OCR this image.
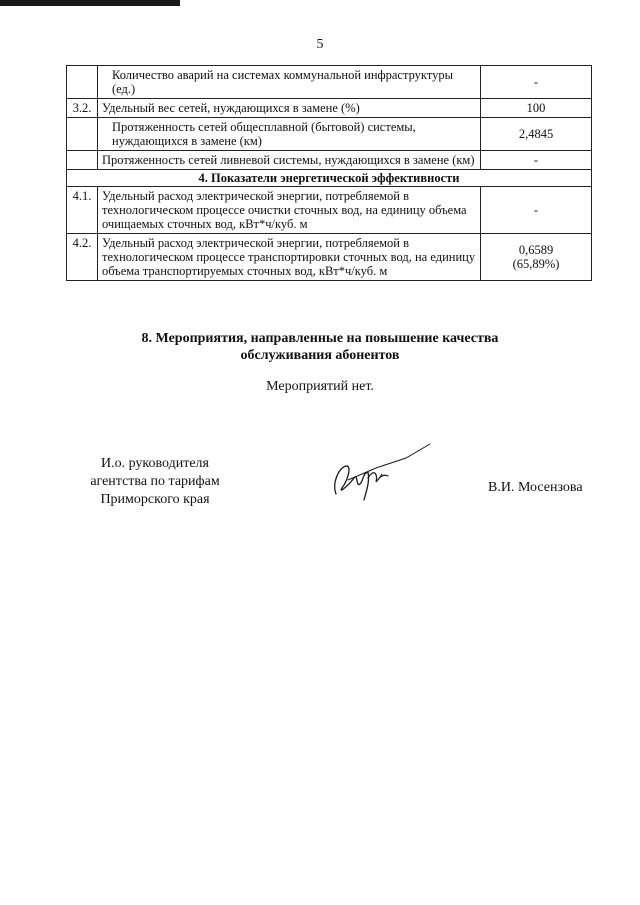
5
	Количество аварий на системах коммунальной инфраструктуры (ед.)	-
3.2.	Удельный вес сетей, нуждающихся в замене (%)	100
	Протяженность сетей общесплавной (бытовой) системы, нуждающихся в замене (км)	2,4845
	Протяженность сетей ливневой системы, нуждающихся в замене (км)	-
4. Показатели энергетической эффективности		
4.1.	Удельный расход электрической энергии, потребляемой в технологическом процессе очистки сточных вод, на единицу объема очищаемых сточных вод, кВт*ч/куб. м	-
4.2.	Удельный расход электрической энергии, потребляемой в технологическом процессе транспортировки сточных вод, на единицу объема транспортируемых сточных вод, кВт*ч/куб. м	0,6589
(65,89%)
8. Мероприятия, направленные на повышение качества
обслуживания абонентов
Мероприятий нет.
И.о. руководителя
агентства по тарифам
Приморского края
В.И. Мосензова
